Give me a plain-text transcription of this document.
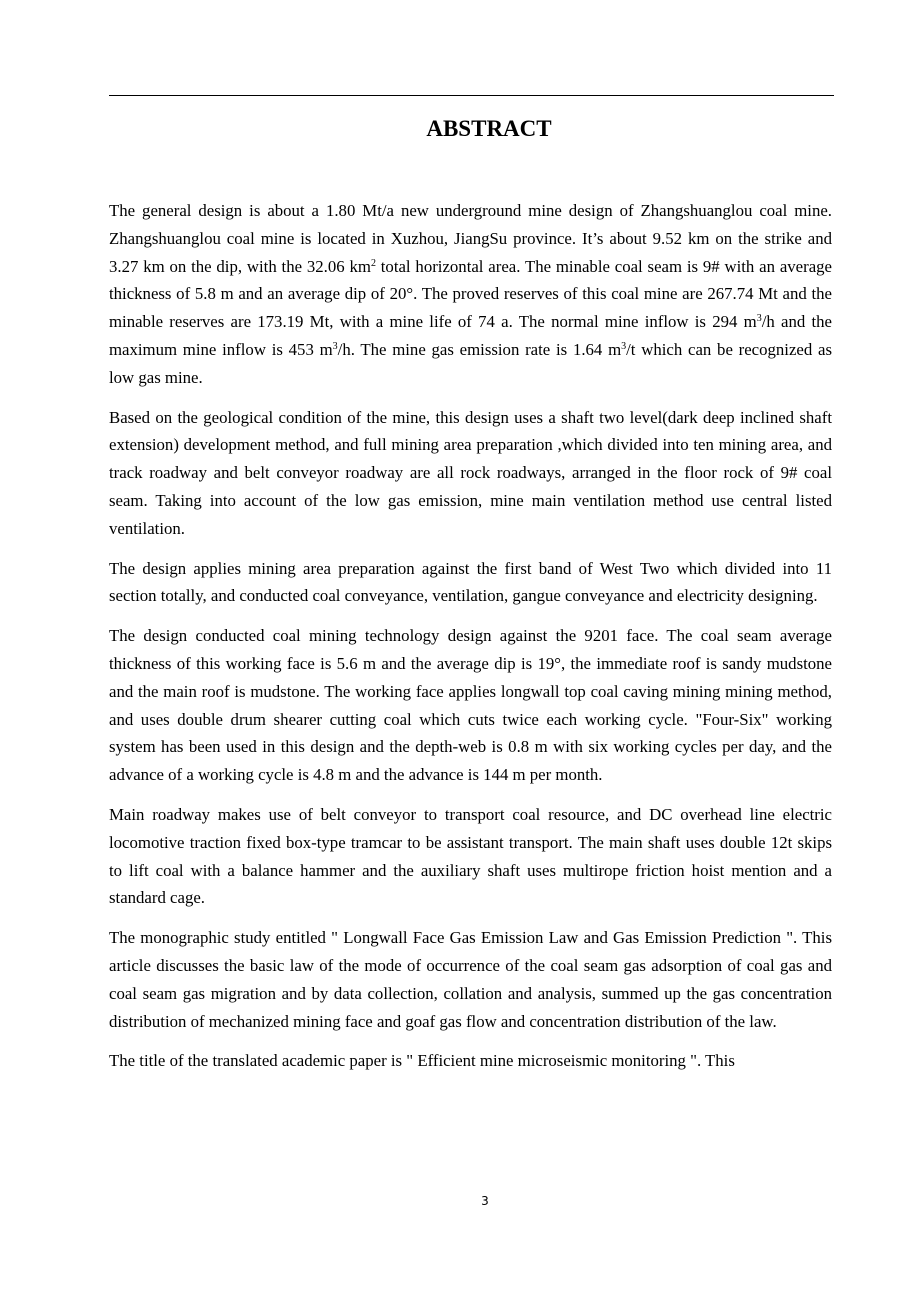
ABSTRACT

The general design is about a 1.80 Mt/a new underground mine design of Zhangshuanglou coal mine. Zhangshuanglou coal mine is located in Xuzhou, JiangSu province. It’s about 9.52 km on the strike and 3.27 km on the dip, with the 32.06 $km^2$ total horizontal area. The minable coal seam is 9# with an average thickness of 5.8 m and an average dip of 20°. The proved reserves of this coal mine are 267.74 Mt and the minable reserves are 173.19 Mt, with a mine life of 74 a. The normal mine inflow is 294 $m^3/h$ and the maximum mine inflow is 453 $m^3/h$. The mine gas emission rate is 1.64 $m^3/t$ which can be recognized as low gas mine.

Based on the geological condition of the mine, this design uses a shaft two level(dark deep inclined shaft extension) development method, and full mining area preparation ,which divided into ten mining area, and track roadway and belt conveyor roadway are all rock roadways, arranged in the floor rock of 9# coal seam. Taking into account of the low gas emission, mine main ventilation method use central listed ventilation.

The design applies mining area preparation against the first band of West Two which divided into 11 section totally, and conducted coal conveyance, ventilation, gangue conveyance and electricity designing.

The design conducted coal mining technology design against the 9201 face. The coal seam average thickness of this working face is 5.6 m and the average dip is 19°, the immediate roof is sandy mudstone and the main roof is mudstone. The working face applies longwall top coal caving mining mining method, and uses double drum shearer cutting coal which cuts twice each working cycle. "Four-Six" working system has been used in this design and the depth-web is 0.8 m with six working cycles per day, and the advance of a working cycle is 4.8 m and the advance is 144 m per month.

Main roadway makes use of belt conveyor to transport coal resource, and DC overhead line electric locomotive traction fixed box-type tramcar to be assistant transport. The main shaft uses double 12t skips to lift coal with a balance hammer and the auxiliary shaft uses multirope friction hoist mention and a standard cage.

The monographic study entitled " Longwall Face Gas Emission Law and Gas Emission Prediction ". This article discusses the basic law of the mode of occurrence of the coal seam gas adsorption of coal gas and coal seam gas migration and by data collection, collation and analysis, summed up the gas concentration distribution of mechanized mining face and goaf gas flow and concentration distribution of the law.

The title of the translated academic paper is " Efficient mine microseismic monitoring ". This

3
